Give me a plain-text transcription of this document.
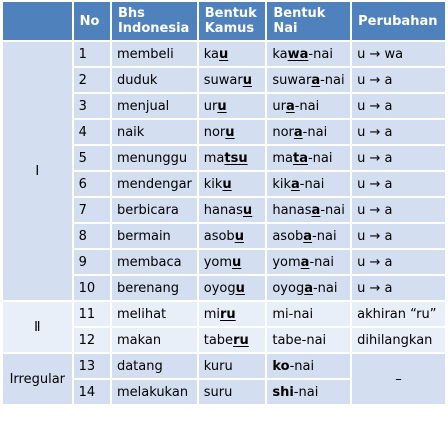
	No	Bhs Indonesia	Bentuk Kamus	Bentuk Nai	Perubahan
I	1	membeli	kau	kawa-nai	u → wa
	2	duduk	suwaru	suwara-nai	u → a
	3	menjual	uru	ura-nai	u → a
	4	naik	noru	nora-nai	u → a
	5	menunggu	matsu	mata-nai	u → a
	6	mendengar	kiku	kika-nai	u → a
	7	berbicara	hanasu	hanasa-nai	u → a
	8	bermain	asobu	asoba-nai	u → a
	9	membaca	yomu	yoma-nai	u → a
	10	berenang	oyogu	oyoga-nai	u → a
Ⅱ	11	melihat	miru	mi-nai	akhiran “ru”
	12	makan	taberu	tabe-nai	dihilangkan
Irregular	13	datang	kuru	ko-nai	–
	14	melakukan	suru	shi-nai	
